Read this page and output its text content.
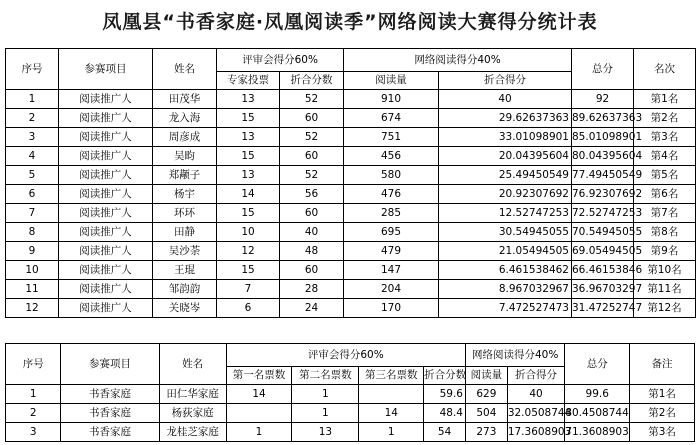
凤凰县“书香家庭·凤凰阅读季”网络阅读大赛得分统计表
序号	参赛项目	姓名	评审会得分60%		网络阅读得分40%		总分	名次
			专家投票	折合分数	阅读量	折合得分		
1	阅读推广人	田茂华	13	52	910	40	92	第1名
2	阅读推广人	龙入海	15	60	674	29.62637363	89.62637363	第2名
3	阅读推广人	周彦成	13	52	751	33.01098901	85.01098901	第3名
4	阅读推广人	吴畇	15	60	456	20.04395604	80.04395604	第4名
5	阅读推广人	郑颟子	13	52	580	25.49450549	77.49450549	第5名
6	阅读推广人	杨宇	14	56	476	20.92307692	76.92307692	第6名
7	阅读推广人	环环	15	60	285	12.52747253	72.52747253	第7名
8	阅读推广人	田静	10	40	695	30.54945055	70.54945055	第8名
9	阅读推广人	吴沙荼	12	48	479	21.05494505	69.05494505	第9名
10	阅读推广人	王琨	15	60	147	6.461538462	66.46153846	第10名
11	阅读推广人	邹韵韵	7	28	204	8.967032967	36.96703297	第11名
12	阅读推广人	关晓岑	6	24	170	7.472527473	31.47252747	第12名
序号	参赛项目	姓名	评审会得分60%				网络阅读得分40%		总分	备注
			第一名票数	第二名票数	第三名票数	折合分数	阅读量	折合得分		
1	书香家庭	田仁华家庭	14	1		59.6	629	40	99.6	第1名
2	书香家庭	杨荻家庭		1	14	48.4	504	32.0508744	80.4508744	第2名
3	书香家庭	龙桂芝家庭	1	13	1	54	273	17.3608903	71.3608903	第3名
